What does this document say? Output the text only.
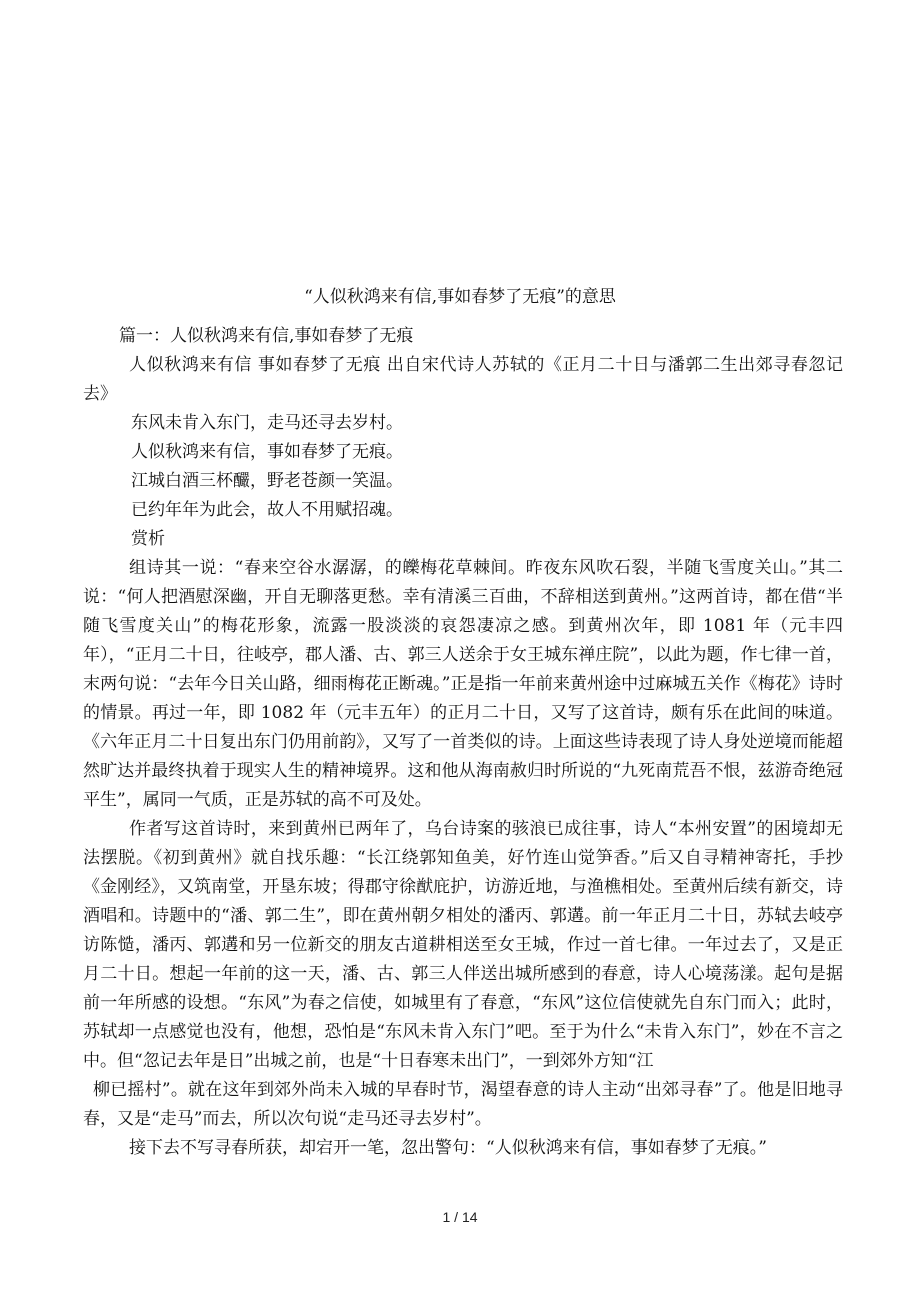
“人似秋鸿来有信,事如春梦了无痕”的意思

篇一：人似秋鸿来有信,事如春梦了无痕

人似秋鸿来有信 事如春梦了无痕 出自宋代诗人苏轼的《正月二十日与潘郭二生出郊寻春忽记去》

东风未肯入东门，走马还寻去岁村。

人似秋鸿来有信，事如春梦了无痕。

江城白酒三杯釅，野老苍颜一笑温。

已约年年为此会，故人不用赋招魂。

赏析

组诗其一说：“春来空谷水潺潺，的皪梅花草棘间。昨夜东风吹石裂，半随飞雪度关山。”其二说：“何人把酒慰深幽，开自无聊落更愁。幸有清溪三百曲，不辞相送到黄州。”这两首诗，都在借“半随飞雪度关山”的梅花形象，流露一股淡淡的哀怨凄凉之感。到黄州次年，即 1081 年（元丰四年），“正月二十日，往岐亭，郡人潘、古、郭三人送余于女王城东禅庄院”，以此为题，作七律一首，末两句说：“去年今日关山路，细雨梅花正断魂。”正是指一年前来黄州途中过麻城五关作《梅花》诗时的情景。再过一年，即 1082 年（元丰五年）的正月二十日，又写了这首诗，颇有乐在此间的味道。《六年正月二十日复出东门仍用前韵》，又写了一首类似的诗。上面这些诗表现了诗人身处逆境而能超然旷达并最终执着于现实人生的精神境界。这和他从海南赦归时所说的“九死南荒吾不恨，兹游奇绝冠平生”，属同一气质，正是苏轼的高不可及处。

作者写这首诗时，来到黄州已两年了，乌台诗案的骇浪已成往事，诗人“本州安置”的困境却无法摆脱。《初到黄州》就自找乐趣：“长江绕郭知鱼美，好竹连山觉笋香。”后又自寻精神寄托，手抄《金刚经》，又筑南堂，开垦东坡；得郡守徐猷庇护，访游近地，与渔樵相处。至黄州后续有新交，诗酒唱和。诗题中的“潘、郭二生”，即在黄州朝夕相处的潘丙、郭遘。前一年正月二十日，苏轼去岐亭访陈慥，潘丙、郭遘和另一位新交的朋友古道耕相送至女王城，作过一首七律。一年过去了，又是正月二十日。想起一年前的这一天，潘、古、郭三人伴送出城所感到的春意，诗人心境荡漾。起句是据前一年所感的设想。“东风”为春之信使，如城里有了春意，“东风”这位信使就先自东门而入；此时，苏轼却一点感觉也没有，他想，恐怕是“东风未肯入东门”吧。至于为什么“未肯入东门”，妙在不言之中。但“忽记去年是日”出城之前，也是“十日春寒未出门”，一到郊外方知“江

柳已摇村”。就在这年到郊外尚未入城的早春时节，渴望春意的诗人主动“出郊寻春”了。他是旧地寻春，又是“走马”而去，所以次句说“走马还寻去岁村”。

接下去不写寻春所获，却宕开一笔，忽出警句：“人似秋鸿来有信，事如春梦了无痕。”

1 / 14
